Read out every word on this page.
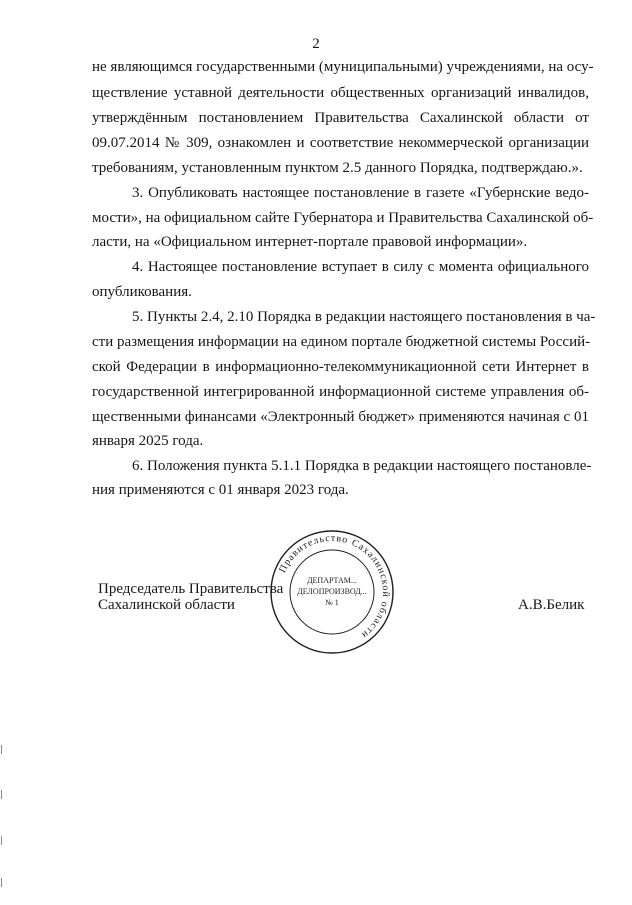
2
не являющимся государственными (муниципальными) учреждениями, на осу-
ществление уставной деятельности общественных организаций инвалидов,
утверждённым постановлением Правительства Сахалинской области от
09.07.2014 № 309, ознакомлен и соответствие некоммерческой организации
требованиям, установленным пунктом 2.5 данного Порядка, подтверждаю.».
3. Опубликовать настоящее постановление в газете «Губернские ведо-
мости», на официальном сайте Губернатора и Правительства Сахалинской об-
ласти, на «Официальном интернет-портале правовой информации».
4. Настоящее постановление вступает в силу с момента официального
опубликования.
5. Пункты 2.4, 2.10 Порядка в редакции настоящего постановления в ча-
сти размещения информации на едином портале бюджетной системы Россий-
ской Федерации в информационно-телекоммуникационной сети Интернет в
государственной интегрированной информационной системе управления об-
щественными финансами «Электронный бюджет» применяются начиная с 01
января 2025 года.
6. Положения пункта 5.1.1 Порядка в редакции настоящего постановле-
ния применяются с 01 января 2023 года.
Председатель Правительства
Сахалинской области	А.В.Белик
Правительство Сахалинской области
ДЕПАРТАМ...
ДЕЛОПРОИЗВОД...
№ 1
